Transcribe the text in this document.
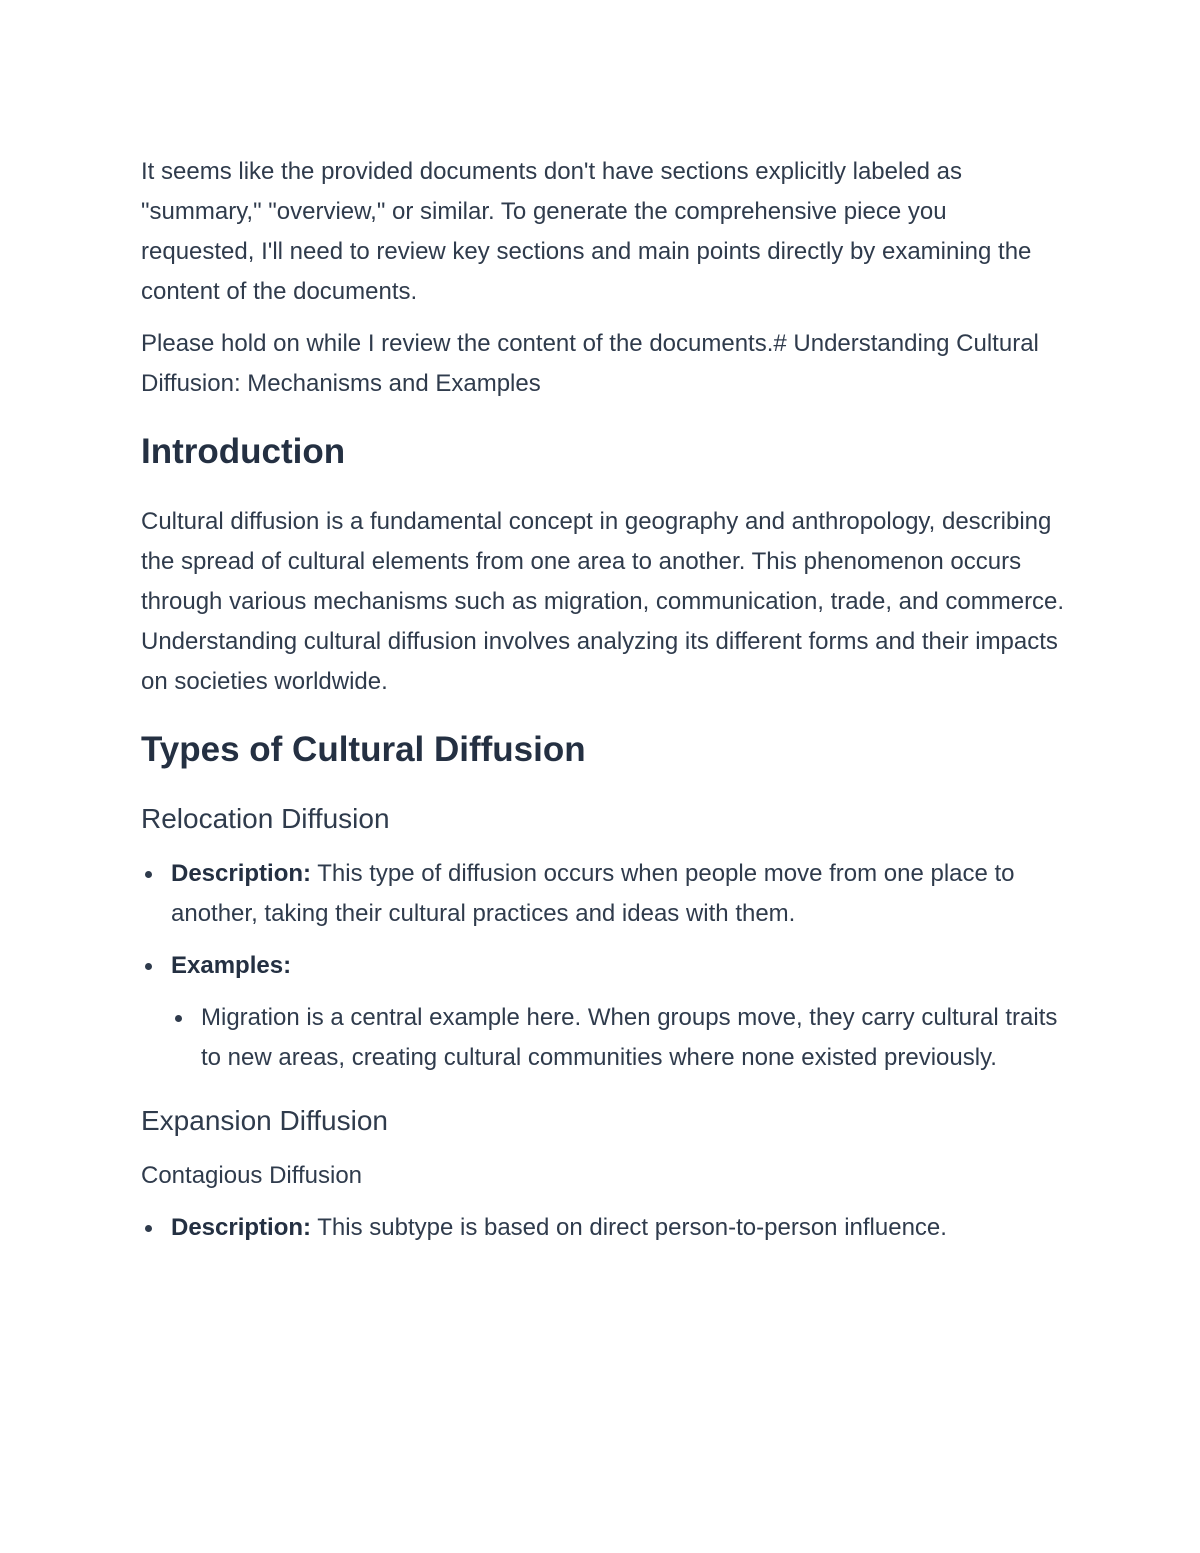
It seems like the provided documents don't have sections explicitly labeled as "summary," "overview," or similar. To generate the comprehensive piece you requested, I'll need to review key sections and main points directly by examining the content of the documents.

Please hold on while I review the content of the documents.# Understanding Cultural Diffusion: Mechanisms and Examples

Introduction

Cultural diffusion is a fundamental concept in geography and anthropology, describing the spread of cultural elements from one area to another. This phenomenon occurs through various mechanisms such as migration, communication, trade, and commerce. Understanding cultural diffusion involves analyzing its different forms and their impacts on societies worldwide.

Types of Cultural Diffusion
Relocation Diffusion
Description: This type of diffusion occurs when people move from one place to another, taking their cultural practices and ideas with them.
Examples:
Migration is a central example here. When groups move, they carry cultural traits to new areas, creating cultural communities where none existed previously.
Expansion Diffusion
Contagious Diffusion
Description: This subtype is based on direct person-to-person influence.
